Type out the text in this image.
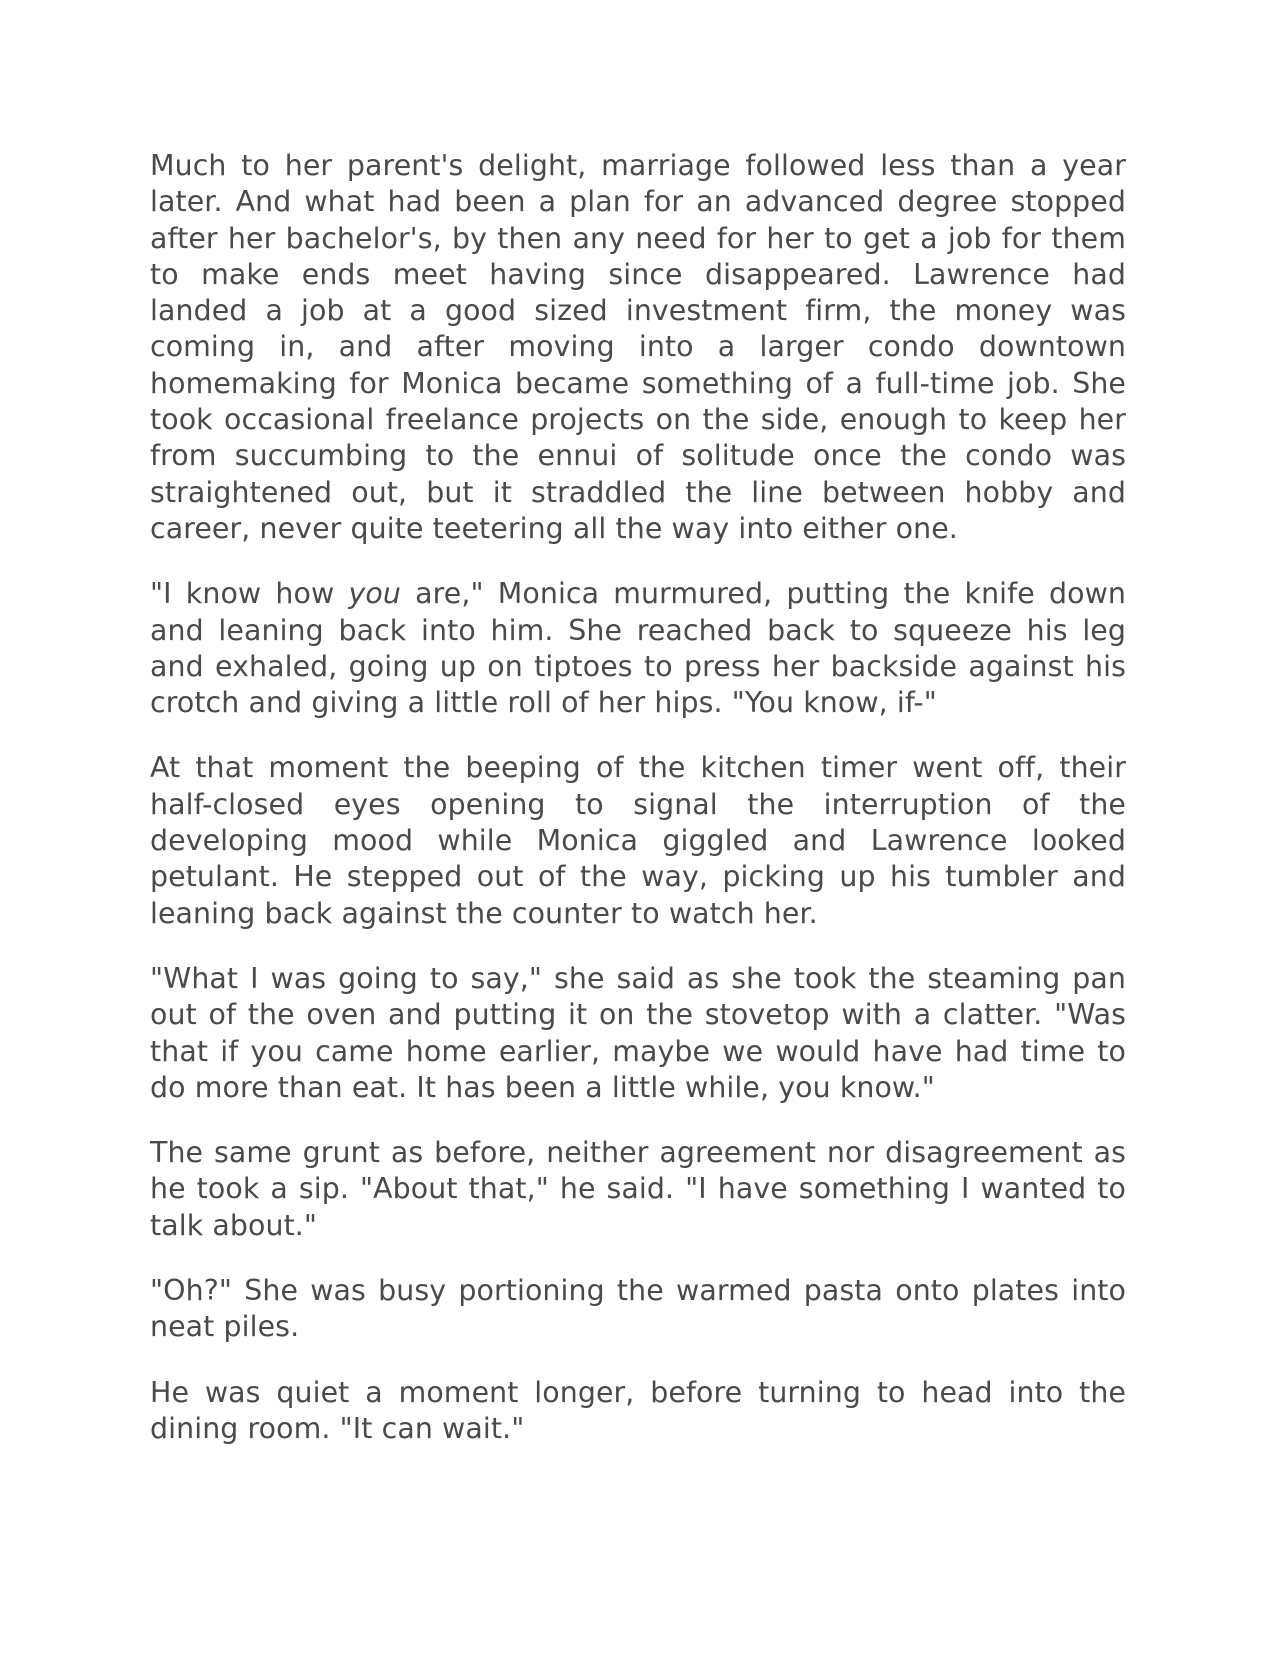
Much to her parent's delight, marriage followed less than a year later. And what had been a plan for an advanced degree stopped after her bachelor's, by then any need for her to get a job for them to make ends meet having since disappeared. Lawrence had landed a job at a good sized investment firm, the money was coming in, and after moving into a larger condo downtown homemaking for Monica became something of a full-time job. She took occasional freelance projects on the side, enough to keep her from succumbing to the ennui of solitude once the condo was straightened out, but it straddled the line between hobby and career, never quite teetering all the way into either one.

"I know how you are," Monica murmured, putting the knife down and leaning back into him. She reached back to squeeze his leg and exhaled, going up on tiptoes to press her backside against his crotch and giving a little roll of her hips. "You know, if-"

At that moment the beeping of the kitchen timer went off, their half-closed eyes opening to signal the interruption of the developing mood while Monica giggled and Lawrence looked petulant. He stepped out of the way, picking up his tumbler and leaning back against the counter to watch her.

"What I was going to say," she said as she took the steaming pan out of the oven and putting it on the stovetop with a clatter. "Was that if you came home earlier, maybe we would have had time to do more than eat. It has been a little while, you know."

The same grunt as before, neither agreement nor disagreement as he took a sip. "About that," he said. "I have something I wanted to talk about."

"Oh?" She was busy portioning the warmed pasta onto plates into neat piles.

He was quiet a moment longer, before turning to head into the dining room. "It can wait."
